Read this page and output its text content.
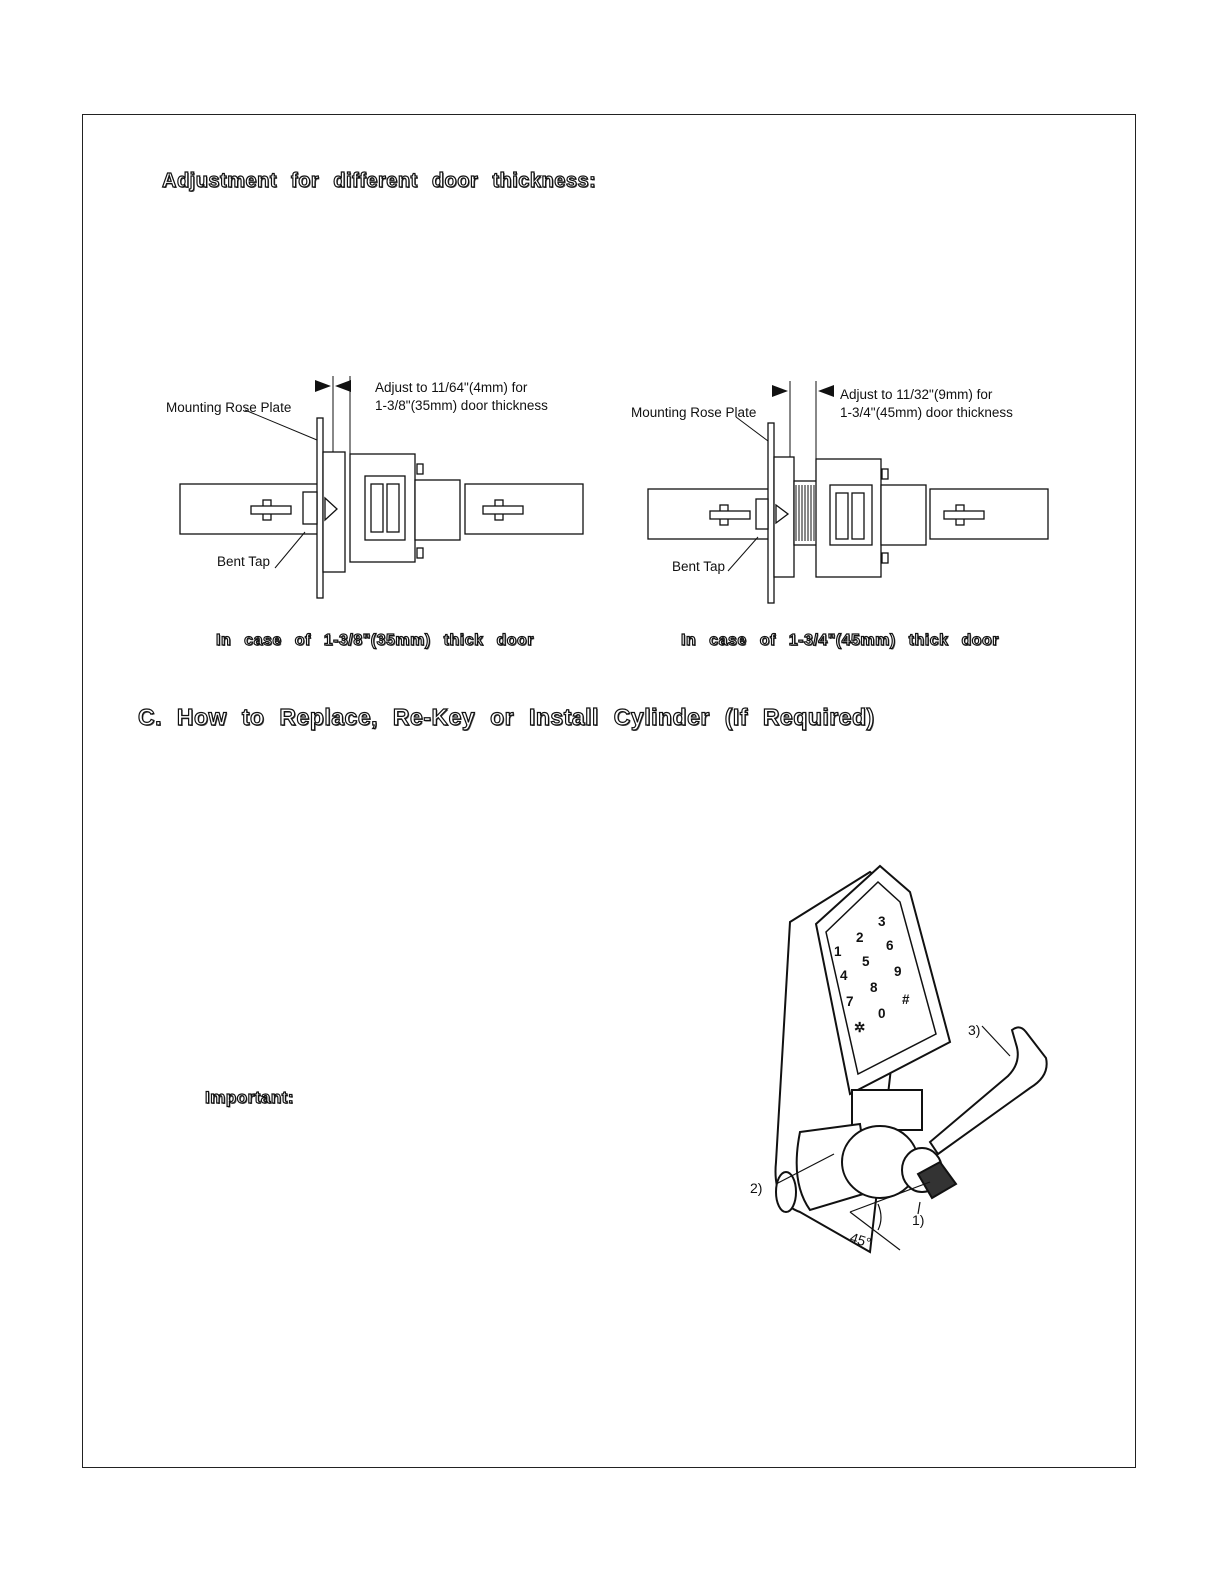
Adjustment for different door thickness:
Mounting Rose Plate
Adjust to 11/64"(4mm) for
1-3/8"(35mm) door thickness
Bent Tap
Mounting Rose Plate
Adjust to 11/32"(9mm) for
1-3/4"(45mm) door thickness
Bent Tap
In case of 1-3/8"(35mm) thick door	In case of 1-3/4"(45mm) thick door
C. How to Replace, Re-Key or Install Cylinder (If Required)
Important:
1
2
3
4
5
6
7
8
9
✲
0
#
3)
2)
1)
45°
